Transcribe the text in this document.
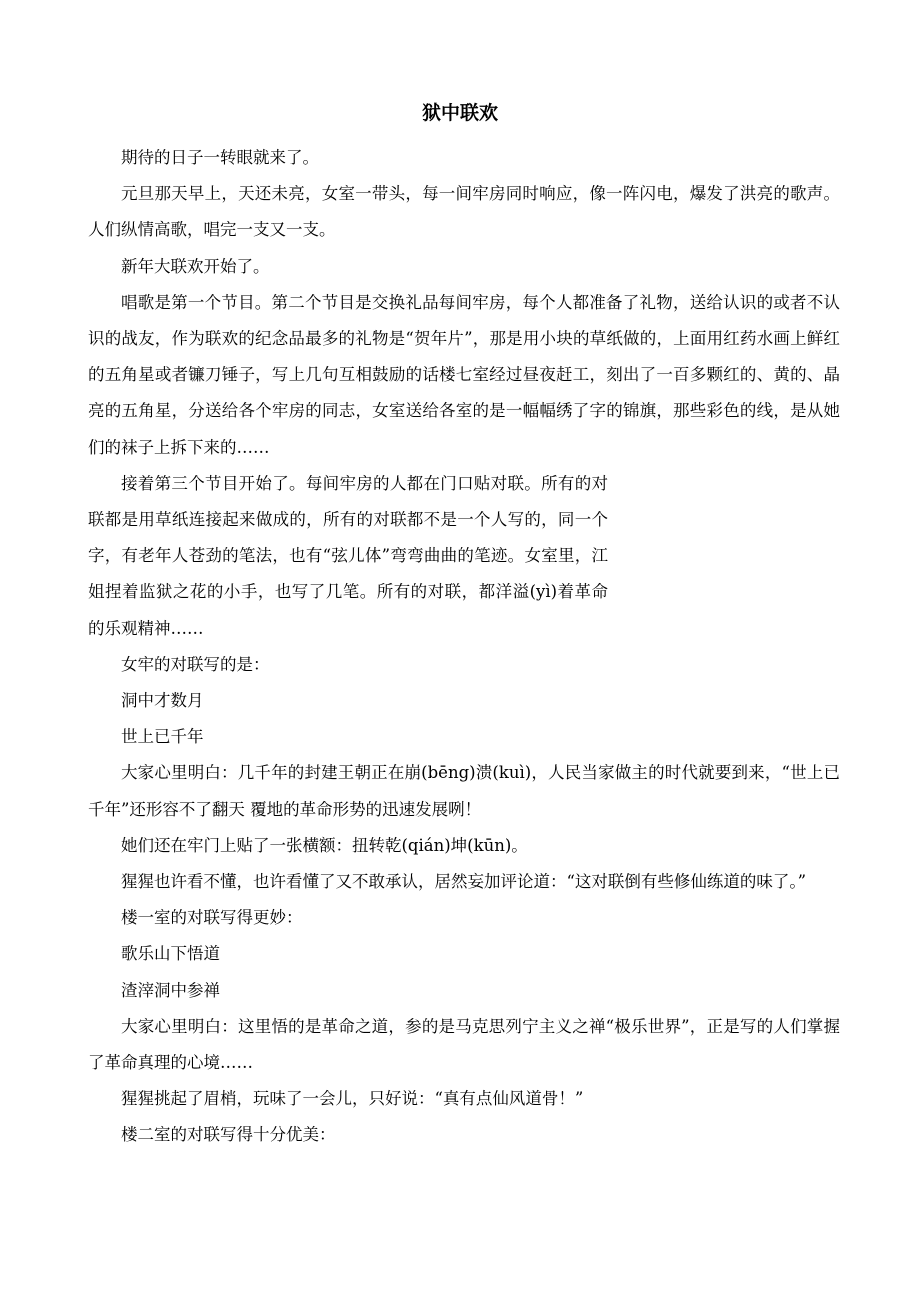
狱中联欢

期待的日子一转眼就来了。

元旦那天早上，天还未亮，女室一带头，每一间牢房同时响应，像一阵闪电，爆发了洪亮的歌声。人们纵情高歌，唱完一支又一支。

新年大联欢开始了。

唱歌是第一个节目。第二个节目是交换礼品每间牢房，每个人都准备了礼物，送给认识的或者不认识的战友，作为联欢的纪念品最多的礼物是“贺年片”，那是用小块的草纸做的，上面用红药水画上鲜红的五角星或者镰刀锤子，写上几句互相鼓励的话楼七室经过昼夜赶工，刻出了一百多颗红的、黄的、晶亮的五角星，分送给各个牢房的同志，女室送给各室的是一幅幅绣了字的锦旗，那些彩色的线，是从她们的袜子上拆下来的……

接着第三个节目开始了。每间牢房的人都在门口贴对联。所有的对联都是用草纸连接起来做成的，所有的对联都不是一个人写的，同一个字，有老年人苍劲的笔法，也有“弦儿体”弯弯曲曲的笔迹。女室里，江姐捏着监狱之花的小手，也写了几笔。所有的对联，都洋溢(yì)着革命的乐观精神……

女牢的对联写的是：

洞中才数月

世上已千年

大家心里明白：几千年的封建王朝正在崩(bēng)溃(kuì)，人民当家做主的时代就要到来，“世上已千年”还形容不了翻天 覆地的革命形势的迅速发展咧！

她们还在牢门上贴了一张横额：扭转乾(qián)坤(kūn)。

猩猩也许看不懂，也许看懂了又不敢承认，居然妄加评论道：“这对联倒有些修仙练道的味了。”

楼一室的对联写得更妙：

歌乐山下悟道

渣滓洞中参禅

大家心里明白：这里悟的是革命之道，参的是马克思列宁主义之禅“极乐世界”，正是写的人们掌握了革命真理的心境……

猩猩挑起了眉梢，玩味了一会儿，只好说：“真有点仙风道骨！”

楼二室的对联写得十分优美：
